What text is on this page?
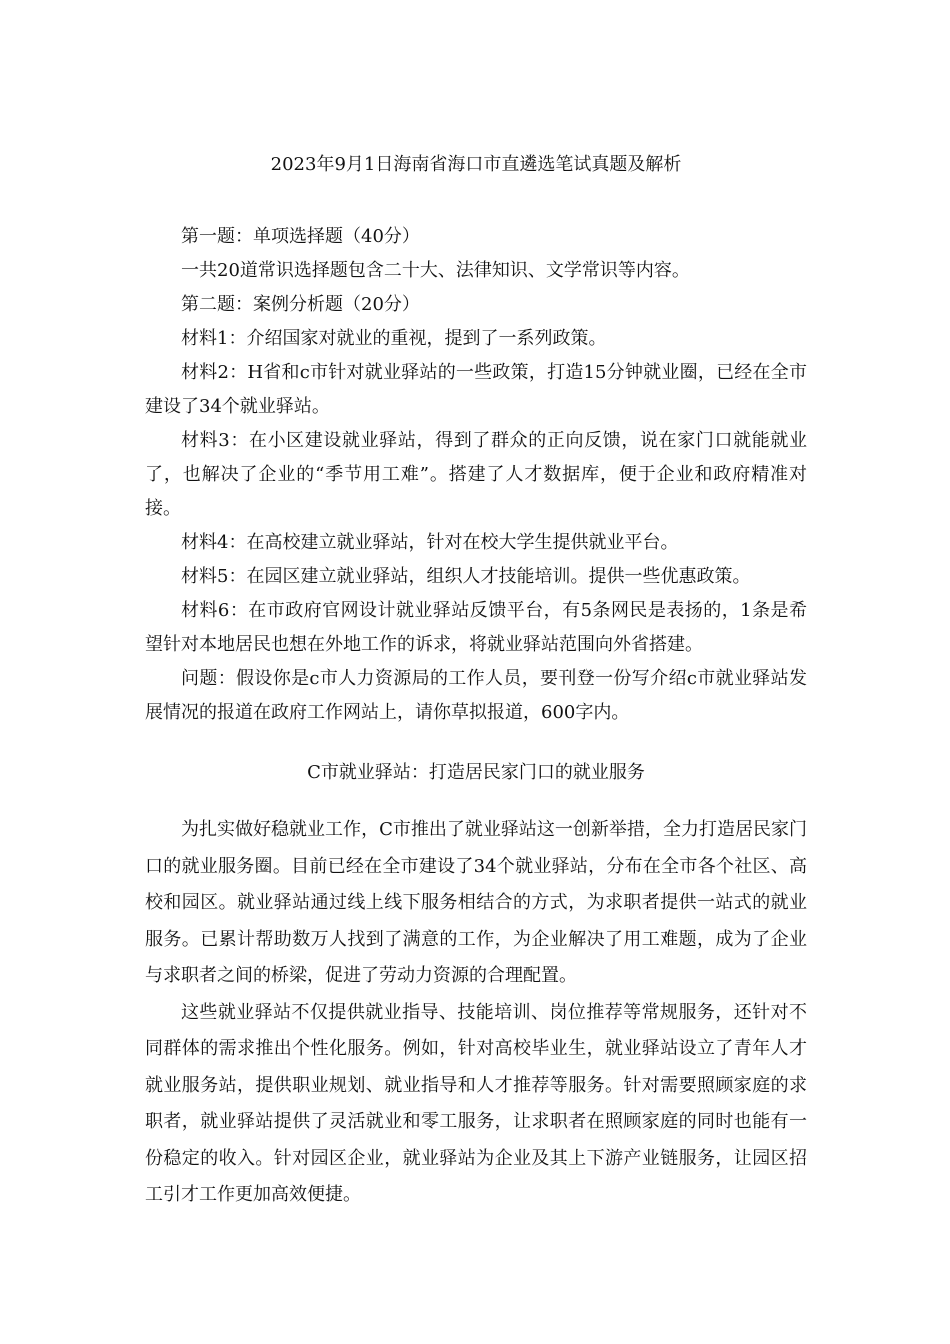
2023年9月1日海南省海口市直遴选笔试真题及解析

第一题：单项选择题（40分）

一共20道常识选择题包含二十大、法律知识、文学常识等内容。

第二题：案例分析题（20分）

材料1：介绍国家对就业的重视，提到了一系列政策。

材料2：H省和c市针对就业驿站的一些政策，打造15分钟就业圈，已经在全市建设了34个就业驿站。

材料3：在小区建设就业驿站，得到了群众的正向反馈，说在家门口就能就业了，也解决了企业的“季节用工难”。搭建了人才数据库，便于企业和政府精准对接。

材料4：在高校建立就业驿站，针对在校大学生提供就业平台。

材料5：在园区建立就业驿站，组织人才技能培训。提供一些优惠政策。

材料6：在市政府官网设计就业驿站反馈平台，有5条网民是表扬的，1条是希望针对本地居民也想在外地工作的诉求，将就业驿站范围向外省搭建。

问题：假设你是c市人力资源局的工作人员，要刊登一份写介绍c市就业驿站发展情况的报道在政府工作网站上，请你草拟报道，600字内。

C市就业驿站：打造居民家门口的就业服务

为扎实做好稳就业工作，C市推出了就业驿站这一创新举措，全力打造居民家门口的就业服务圈。目前已经在全市建设了34个就业驿站，分布在全市各个社区、高校和园区。就业驿站通过线上线下服务相结合的方式，为求职者提供一站式的就业服务。已累计帮助数万人找到了满意的工作，为企业解决了用工难题，成为了企业与求职者之间的桥梁，促进了劳动力资源的合理配置。

这些就业驿站不仅提供就业指导、技能培训、岗位推荐等常规服务，还针对不同群体的需求推出个性化服务。例如，针对高校毕业生，就业驿站设立了青年人才就业服务站，提供职业规划、就业指导和人才推荐等服务。针对需要照顾家庭的求职者，就业驿站提供了灵活就业和零工服务，让求职者在照顾家庭的同时也能有一份稳定的收入。针对园区企业，就业驿站为企业及其上下游产业链服务，让园区招工引才工作更加高效便捷。
